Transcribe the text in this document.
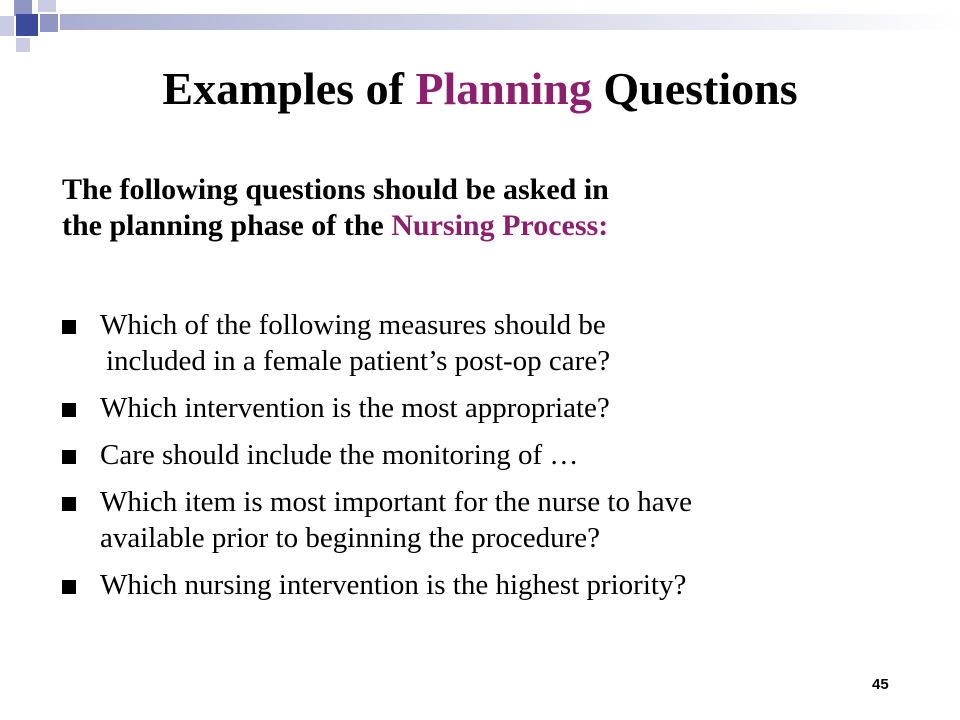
Examples of Planning Questions

The following questions should be asked in
the planning phase of the Nursing Process:

Which of the following measures should be
included in a female patient’s post-op care?
Which intervention is the most appropriate?
Care should include the monitoring of …
Which item is most important for the nurse to have
available prior to beginning the procedure?
Which nursing intervention is the highest priority?
45
